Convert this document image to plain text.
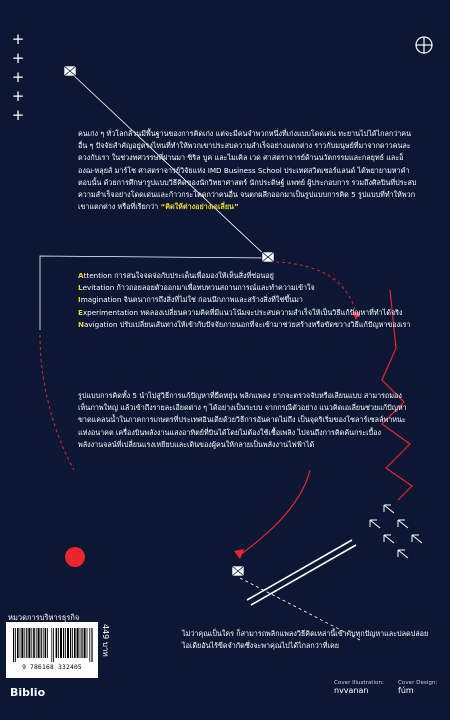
+
+
+
+
+
คนเก่ง ๆ ทั่วโลกล้วนมีพื้นฐานของการคิดเก่ง แต่จะมีคนจำพวกหนึ่งที่เก่งแบบโดดเด่น ทะยานไปได้ไกลกว่าคนอื่น ๆ ปัจจัยสำคัญอยู่ตรงไหนที่ทำให้พวกเขาประสบความสำเร็จอย่างแตกต่าง ราวกับมนุษย์ที่มาจากดาวคนละดวงกับเรา ในช่วงทศวรรษที่ผ่านมา ซิริล บูค และไมเคิล เวด ศาสตราจารย์ด้านนวัตกรรมและกลยุทธ์ และอ็องฌ-หลุยส์ มาร์โช ศาสตราจารย์วิจัยแห่ง IMD Business School ประเทศสวิตเซอร์แลนด์ ได้พยายามหาคำตอบนั้น ด้วยการศึกษารูปแบบวิธีคิดของนักวิทยาศาสตร์ นักประดิษฐ์ แพทย์ ผู้ประกอบการ รวมถึงศิลปินที่ประสบความสำเร็จอย่างโดดเด่นและก้าวกระโดดกว่าคนอื่น จนตกผลึกออกมาเป็นรูปแบบการคิด 5 รูปแบบที่ทำให้พวกเขาแตกต่าง หรือที่เรียกว่า “คิดให้ต่างอย่างเอเลี่ยน”

Attention การสนใจจดจ่อกับประเด็นเพื่อมองให้เห็นสิ่งที่ซ่อนอยู่

Levitation ก้าวถอยลอยตัวออกมาเพื่อทบทวนสถานการณ์และทำความเข้าใจ

Imagination จินตนาการถึงสิ่งที่ไม่ใช่ ก่อนนึกภาพและสร้างสิ่งที่ใช่ขึ้นมา

Experimentation ทดลองเปลี่ยนความคิดที่มีแนวโน้มจะประสบความสำเร็จให้เป็นวิธีแก้ปัญหาที่ทำได้จริง

Navigation ปรับเปลี่ยนเส้นทางให้เข้ากับปัจจัยภายนอกที่จะเข้ามาช่วยสร้างหรือขัดขวางวิธีแก้ปัญหาของเรา

รูปแบบการคิดทั้ง 5 นำไปสู่วิธีการแก้ปัญหาที่ยืดหยุ่น พลิกแพลง ยากจะตรวจจับหรือเลียนแบบ สามารถมองเห็นภาพใหญ่ แล้วเข้าถึงรายละเอียดต่าง ๆ ได้อย่างเป็นระบบ จากกรณีตัวอย่าง แนวคิดเอเลี่ยนช่วยแก้ปัญหาขาดแคลนน้ำในภาคการเกษตรที่ประเทศอินเดียด้วยวิธีการอันคาดไม่ถึง เป็นจุดริเริ่มของโซลาร์เซลล์พาหนะแห่งอนาคต เครื่องบินพลังงานแสงอาทิตย์ที่บินได้โดยไม่ต้องใช้เชื้อเพลิง ไปจนถึงการคิดค้นกระเบื้องพลังงานจลน์ที่เปลี่ยนแรงเหยียบและเดินของผู้คนให้กลายเป็นพลังงานไฟฟ้าได้
ไม่ว่าคุณเป็นใคร ก็สามารถพลิกแพลงวิธีคิดเหล่านี้เข้ากับทุกปัญหาและปลดปล่อยไอเดียอันไร้ขีดจำกัดซึ่งจะพาคุณไปได้ไกลกว่าที่เคย
หมวดการบริหารธุรกิจ
9 786168 332405
449 บาท
Biblio
Cover Illustration:
nvvanan
Cover Design:
fúm
